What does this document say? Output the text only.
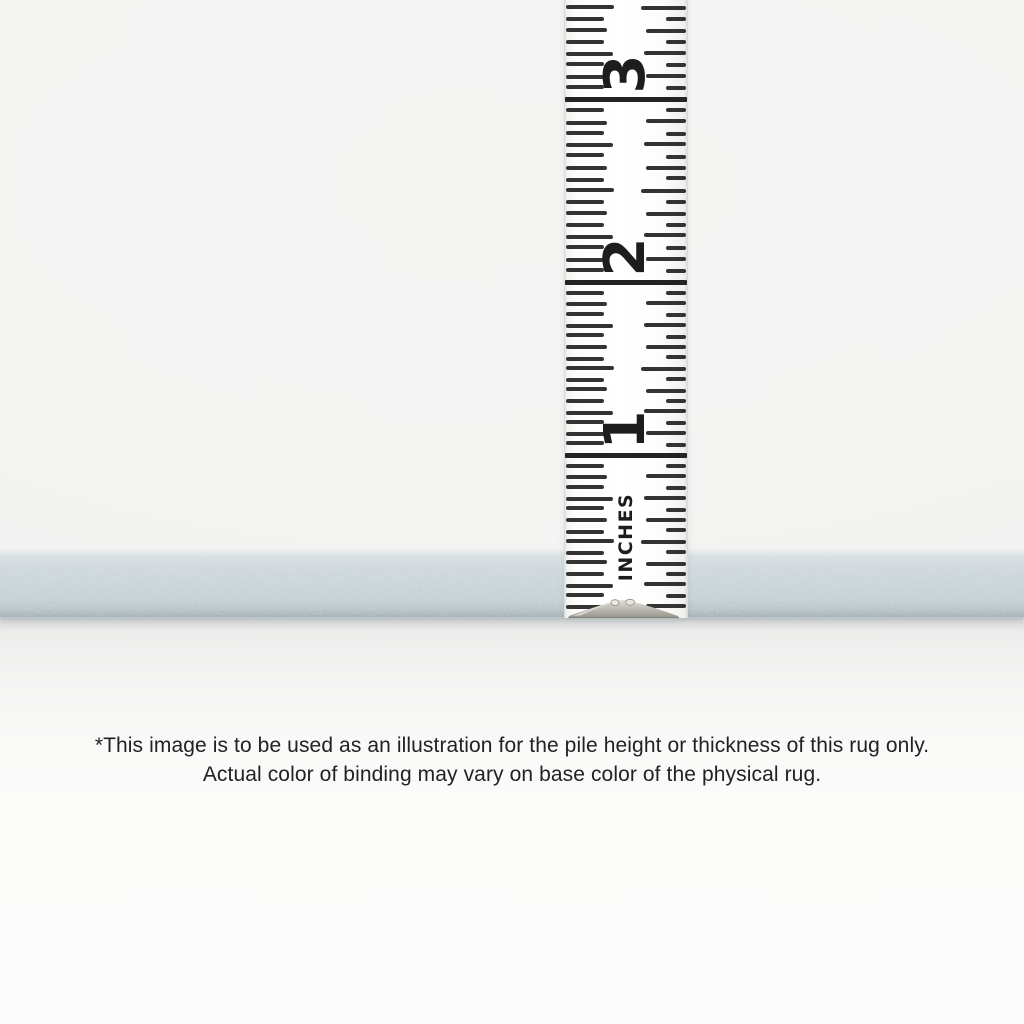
3
2
1
INCHES
*This image is to be used as an illustration for the pile height or thickness of this rug only.
Actual color of binding may vary on base color of the physical rug.
